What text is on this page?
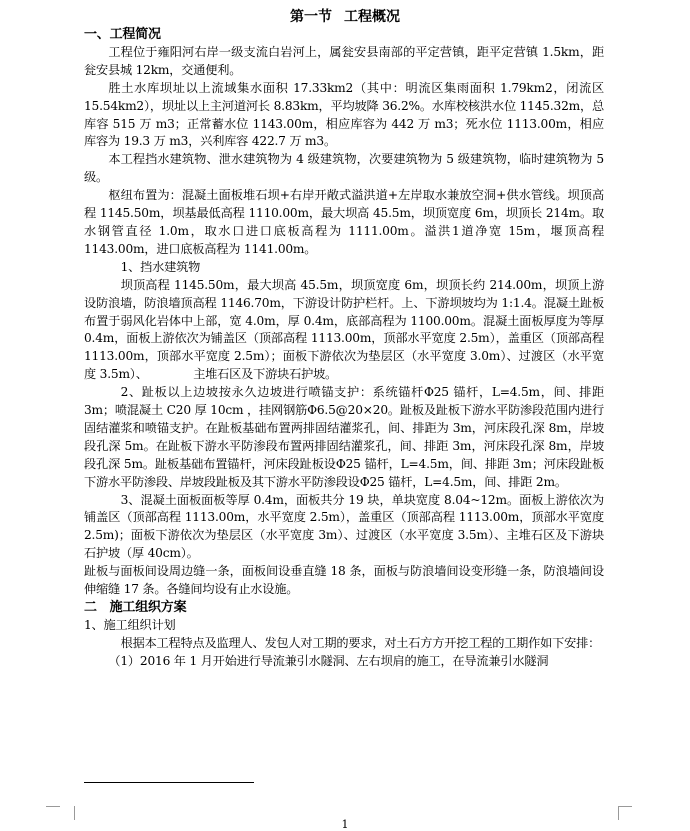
第一节 工程概况

一、工程简况

工程位于雍阳河右岸一级支流白岩河上，属瓮安县南部的平定营镇，距平定营镇 1.5km，距瓮安县城 12km，交通便利。

胜土水库坝址以上流域集水面积 17.33km2（其中：明流区集雨面积 1.79km2，闭流区 15.54km2），坝址以上主河道河长 8.83km，平均坡降 36.2%。水库校核洪水位 1145.32m，总库容 515 万 m3；正常蓄水位 1143.00m，相应库容为 442 万 m3；死水位 1113.00m，相应库容为 19.3 万 m3，兴利库容 422.7 万 m3。

本工程挡水建筑物、泄水建筑物为 4 级建筑物，次要建筑物为 5 级建筑物，临时建筑物为 5 级。

枢纽布置为：混凝土面板堆石坝+右岸开敞式溢洪道+左岸取水兼放空洞+供水管线。坝顶高程 1145.50m，坝基最低高程 1110.00m，最大坝高 45.5m，坝顶宽度 6m，坝顶长 214m。取水钢管直径 1.0m，取水口进口底板高程为 1111.00m。溢洪1道净宽 15m，堰顶高程 1143.00m，进口底板高程为 1141.00m。

1、挡水建筑物

坝顶高程 1145.50m，最大坝高 45.5m，坝顶宽度 6m，坝顶长约 214.00m，坝顶上游设防浪墙，防浪墙顶高程 1146.70m，下游设计防护栏杆。上、下游坝坡均为 1:1.4。混凝土趾板布置于弱风化岩体中上部，宽 4.0m，厚 0.4m，底部高程为 1100.00m。混凝土面板厚度为等厚 0.4m，面板上游依次为铺盖区（顶部高程 1113.00m，顶部水平宽度 2.5m），盖重区（顶部高程 1113.00m，顶部水平宽度 2.5m）；面板下游依次为垫层区（水平宽度 3.0m）、过渡区（水平宽度 3.5m）、　　　　 主堆石区及下游块石护坡。

2、趾板以上边坡按永久边坡进行喷锚支护：系统锚杆Φ25 锚杆，L=4.5m，间、排距 3m；喷混凝土 C20 厚 10cm ，挂网钢筋Φ6.5@20×20。趾板及趾板下游水平防渗段范围内进行固结灌浆和喷锚支护。在趾板基础布置两排固结灌浆孔，间、排距为 3m，河床段孔深 8m，岸坡段孔深 5m。在趾板下游水平防渗段布置两排固结灌浆孔，间、排距 3m，河床段孔深 8m，岸坡段孔深 5m。趾板基础布置锚杆，河床段趾板设Φ25 锚杆，L=4.5m，间、排距 3m；河床段趾板下游水平防渗段、岸坡段趾板及其下游水平防渗段设Φ25 锚杆，L=4.5m，间、排距 2m。

3、混凝土面板面板等厚 0.4m，面板共分 19 块，单块宽度 8.04~12m。面板上游依次为铺盖区（顶部高程 1113.00m，水平宽度 2.5m），盖重区（顶部高程 1113.00m，顶部水平宽度 2.5m)；面板下游依次为垫层区（水平宽度 3m）、过渡区（水平宽度 3.5m）、主堆石区及下游块石护坡（厚 40cm）。

趾板与面板间设周边缝一条，面板间设垂直缝 18 条，面板与防浪墙间设变形缝一条，防浪墙间设伸缩缝 17 条。各缝间均设有止水设施。

二　施工组织方案

1、施工组织计划

根据本工程特点及监理人、发包人对工期的要求，对土石方方开挖工程的工期作如下安排：

（1）2016 年 1 月开始进行导流兼引水隧洞、左右坝肩的施工，在导流兼引水隧洞

1
